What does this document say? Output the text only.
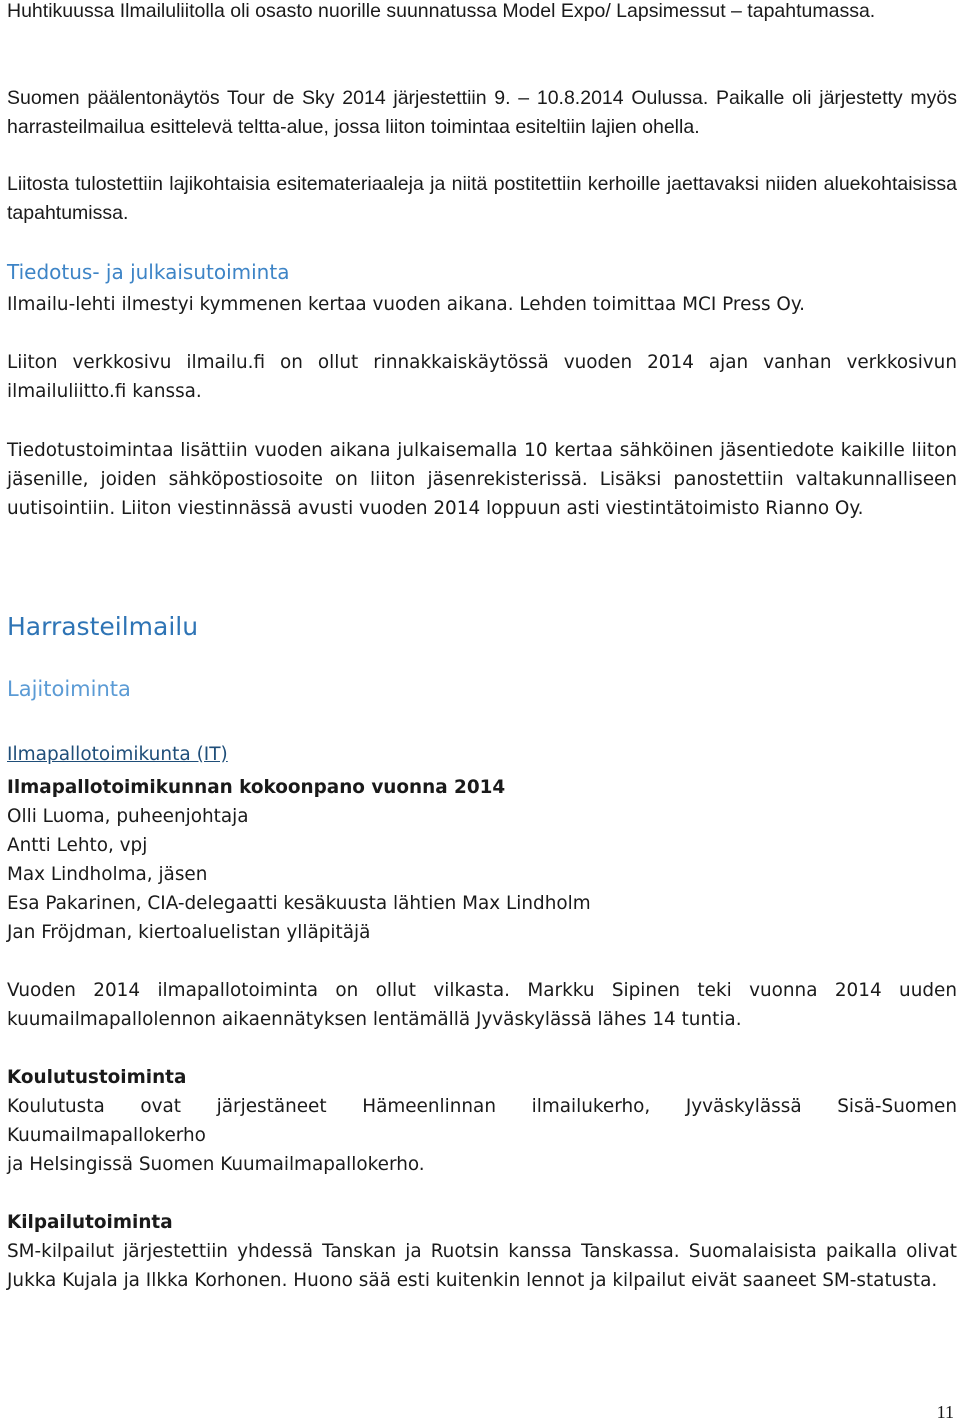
Huhtikuussa Ilmailuliitolla oli osasto nuorille suunnatussa Model Expo/ Lapsimessut – tapahtumassa.

Suomen päälentonäytös Tour de Sky 2014 järjestettiin 9. – 10.8.2014 Oulussa. Paikalle oli järjestetty myös harrasteilmailua esittelevä teltta-alue, jossa liiton toimintaa esiteltiin lajien ohella.

Liitosta tulostettiin lajikohtaisia esitemateriaaleja ja niitä postitettiin kerhoille jaettavaksi niiden aluekohtaisissa tapahtumissa.

Tiedotus- ja julkaisutoiminta

Ilmailu-lehti ilmestyi kymmenen kertaa vuoden aikana. Lehden toimittaa MCI Press Oy.

Liiton verkkosivu ilmailu.fi on ollut rinnakkaiskäytössä vuoden 2014 ajan vanhan verkkosivun ilmailuliitto.fi kanssa.

Tiedotustoimintaa lisättiin vuoden aikana julkaisemalla 10 kertaa sähköinen jäsentiedote kaikille liiton jäsenille, joiden sähköpostiosoite on liiton jäsenrekisterissä. Lisäksi panostettiin valtakunnalliseen uutisointiin. Liiton viestinnässä avusti vuoden 2014 loppuun asti viestintätoimisto Rianno Oy.

Harrasteilmailu
Lajitoiminta
Ilmapallotoimikunta (IT)

Ilmapallotoimikunnan kokoonpano vuonna 2014

Olli Luoma, puheenjohtaja

Antti Lehto, vpj

Max Lindholma, jäsen

Esa Pakarinen, CIA-delegaatti kesäkuusta lähtien Max Lindholm

Jan Fröjdman, kiertoaluelistan ylläpitäjä

Vuoden 2014 ilmapallotoiminta on ollut vilkasta. Markku Sipinen teki vuonna 2014 uuden kuumailmapallolennon aikaennätyksen lentämällä Jyväskylässä lähes 14 tuntia.

Koulutustoiminta

Koulutusta ovat järjestäneet Hämeenlinnan ilmailukerho, Jyväskylässä Sisä-Suomen

Kuumailmapallokerho

ja Helsingissä Suomen Kuumailmapallokerho.

Kilpailutoiminta

SM-kilpailut järjestettiin yhdessä Tanskan ja Ruotsin kanssa Tanskassa. Suomalaisista paikalla olivat Jukka Kujala ja Ilkka Korhonen. Huono sää esti kuitenkin lennot ja kilpailut eivät saaneet SM-statusta.

11
